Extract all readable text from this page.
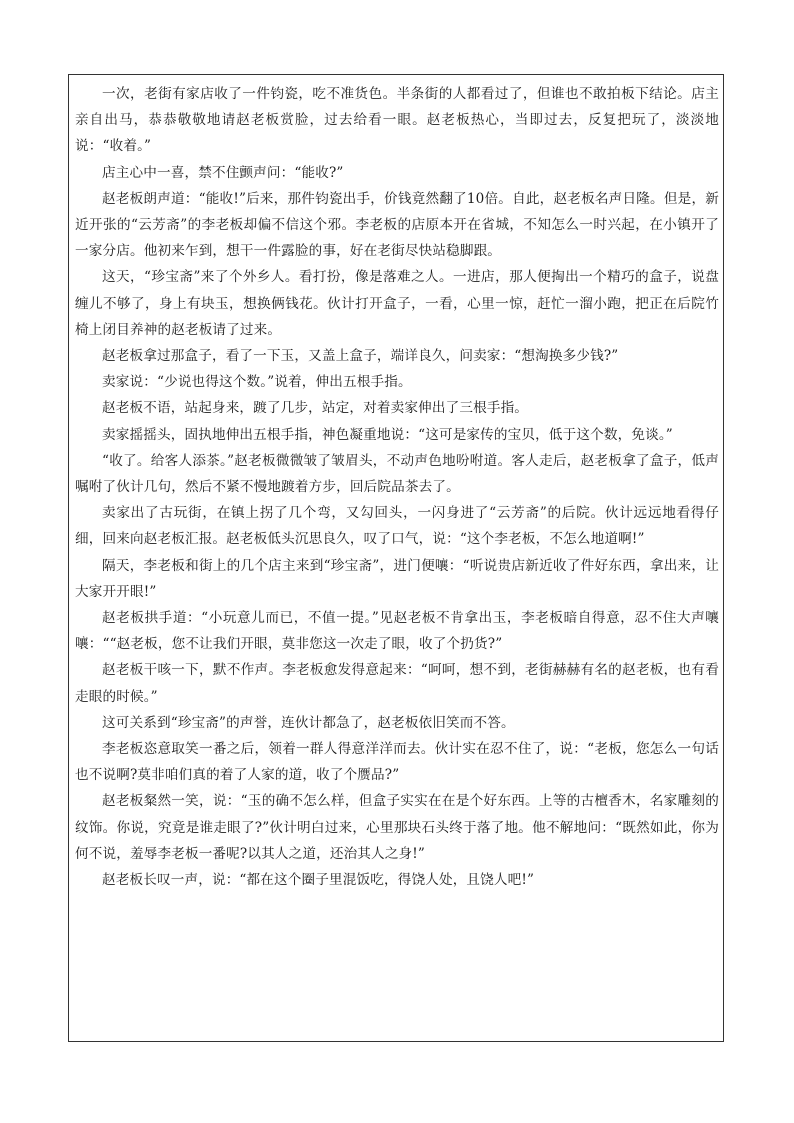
一次，老街有家店收了一件钧瓷，吃不准货色。半条街的人都看过了，但谁也不敢拍板下结论。店主亲自出马，恭恭敬敬地请赵老板赏脸，过去给看一眼。赵老板热心，当即过去，反复把玩了，淡淡地说：“收着。”

店主心中一喜，禁不住颤声问：“能收?”

赵老板朗声道：“能收!”后来，那件钧瓷出手，价钱竟然翻了10倍。自此，赵老板名声日隆。但是，新近开张的“云芳斋”的李老板却偏不信这个邪。李老板的店原本开在省城，不知怎么一时兴起，在小镇开了一家分店。他初来乍到，想干一件露脸的事，好在老街尽快站稳脚跟。

这天，“珍宝斋”来了个外乡人。看打扮，像是落难之人。一进店，那人便掏出一个精巧的盒子，说盘缠儿不够了，身上有块玉，想换俩钱花。伙计打开盒子，一看，心里一惊，赶忙一溜小跑，把正在后院竹椅上闭目养神的赵老板请了过来。

赵老板拿过那盒子，看了一下玉，又盖上盒子，端详良久，问卖家：“想淘换多少钱?”

卖家说：“少说也得这个数。”说着，伸出五根手指。

赵老板不语，站起身来，踱了几步，站定，对着卖家伸出了三根手指。

卖家摇摇头，固执地伸出五根手指，神色凝重地说：“这可是家传的宝贝，低于这个数，免谈。”

“收了。给客人添茶。”赵老板微微皱了皱眉头，不动声色地吩咐道。客人走后，赵老板拿了盒子，低声嘱咐了伙计几句，然后不紧不慢地踱着方步，回后院品茶去了。

卖家出了古玩街，在镇上拐了几个弯，又勾回头，一闪身进了“云芳斋”的后院。伙计远远地看得仔细，回来向赵老板汇报。赵老板低头沉思良久，叹了口气，说：“这个李老板，不怎么地道啊!”

隔天，李老板和街上的几个店主来到“珍宝斋”，进门便嚷：“听说贵店新近收了件好东西，拿出来，让大家开开眼!”

赵老板拱手道：“小玩意儿而已，不值一提。”见赵老板不肯拿出玉，李老板暗自得意，忍不住大声嚷嚷：““赵老板，您不让我们开眼，莫非您这一次走了眼，收了个扔货?”

赵老板干咳一下，默不作声。李老板愈发得意起来：“呵呵，想不到，老街赫赫有名的赵老板，也有看走眼的时候。”

这可关系到“珍宝斋”的声誉，连伙计都急了，赵老板依旧笑而不答。

李老板恣意取笑一番之后，领着一群人得意洋洋而去。伙计实在忍不住了，说：“老板，您怎么一句话也不说啊?莫非咱们真的着了人家的道，收了个赝品?”

赵老板粲然一笑，说：“玉的确不怎么样，但盒子实实在在是个好东西。上等的古檀香木，名家雕刻的纹饰。你说，究竟是谁走眼了?”伙计明白过来，心里那块石头终于落了地。他不解地问：“既然如此，你为何不说，羞辱李老板一番呢?以其人之道，还治其人之身!”

赵老板长叹一声，说：“都在这个圈子里混饭吃，得饶人处，且饶人吧!”
